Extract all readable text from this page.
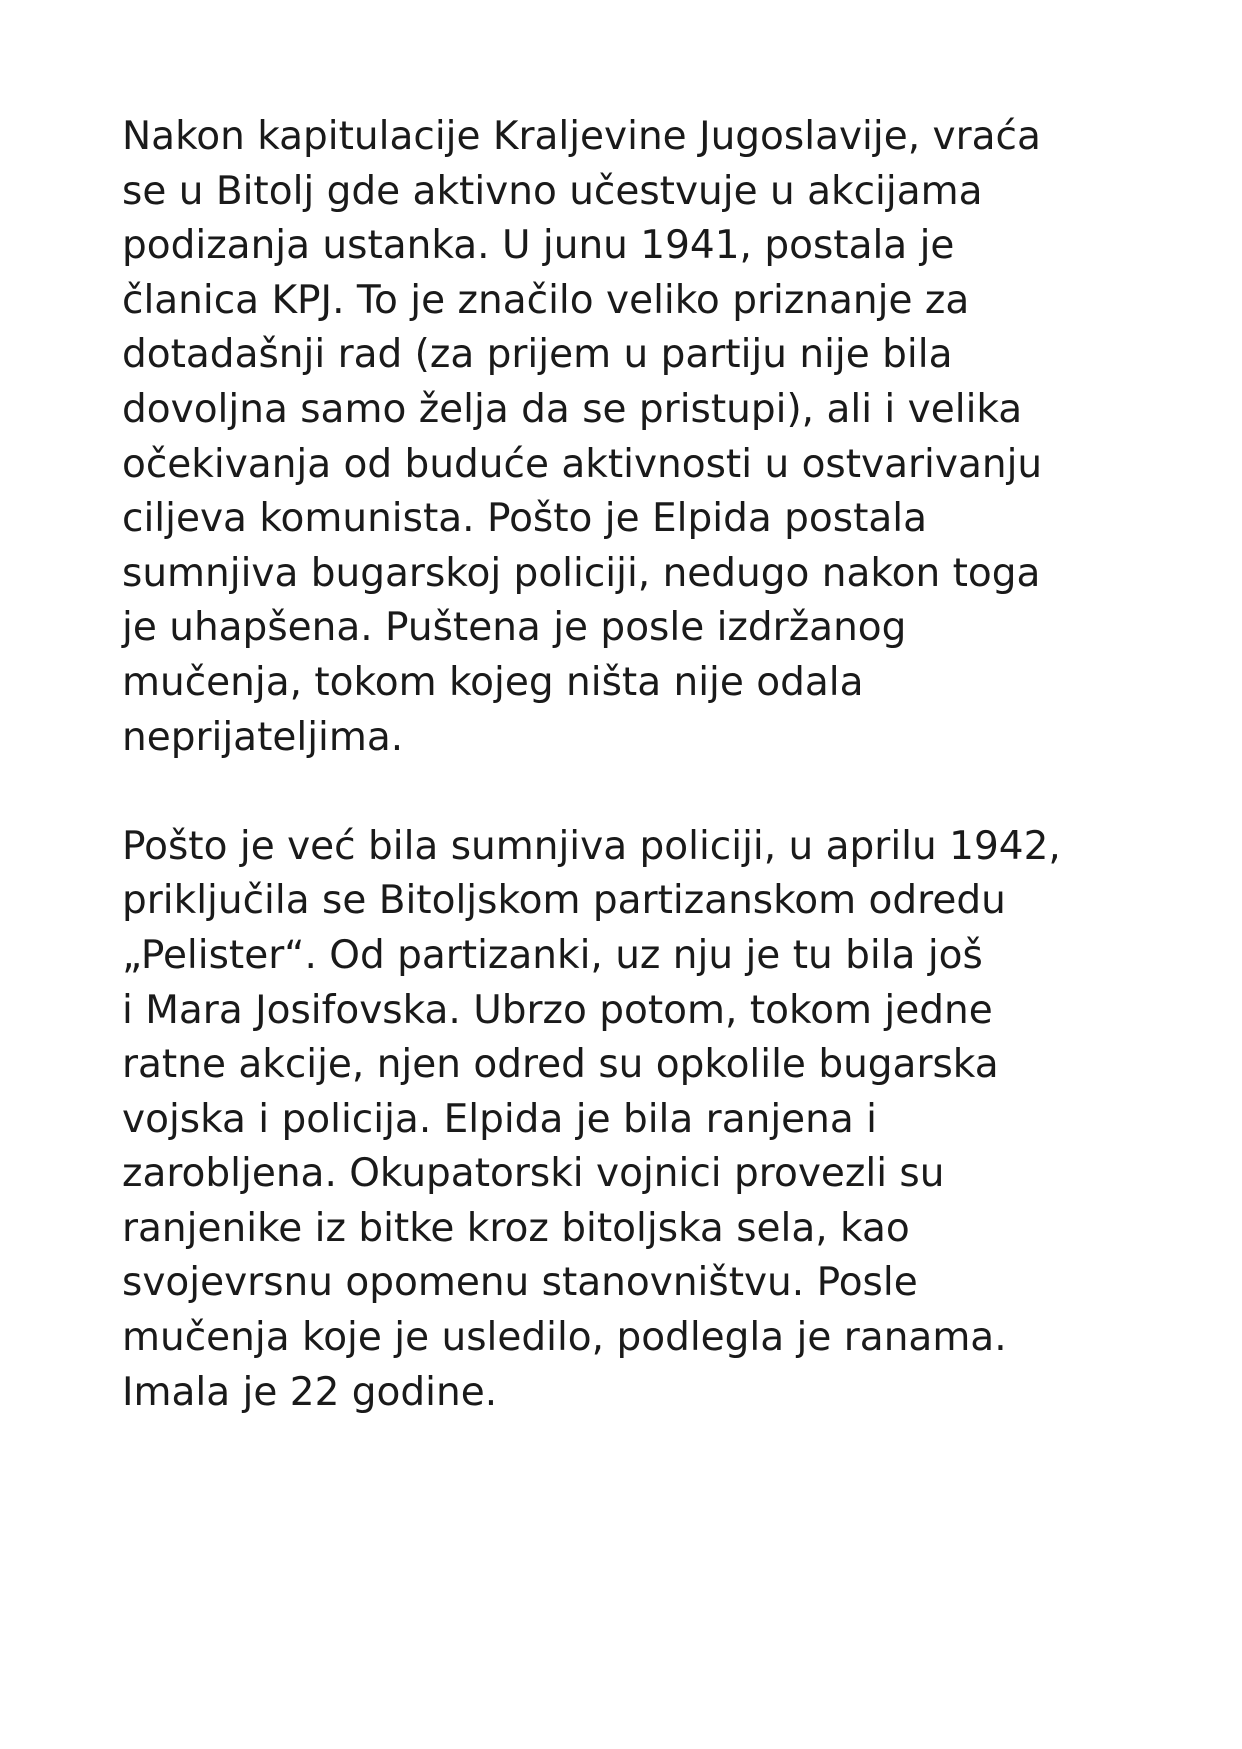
Nakon kapitulacije Kraljevine Jugoslavije, vraća
se u Bitolj gde aktivno učestvuje u akcijama
podizanja ustanka. U junu 1941, postala je
članica KPJ. To je značilo veliko priznanje za
dotadašnji rad (za prijem u partiju nije bila
dovoljna samo želja da se pristupi), ali i velika
očekivanja od buduće aktivnosti u ostvarivanju
ciljeva komunista. Pošto je Elpida postala
sumnjiva bugarskoj policiji, nedugo nakon toga
je uhapšena. Puštena je posle izdržanog
mučenja, tokom kojeg ništa nije odala
neprijateljima.

Pošto je već bila sumnjiva policiji, u aprilu 1942,
priključila se Bitoljskom partizanskom odredu
„Pelister“. Od partizanki, uz nju je tu bila još
i Mara Josifovska. Ubrzo potom, tokom jedne
ratne akcije, njen odred su opkolile bugarska
vojska i policija. Elpida je bila ranjena i
zarobljena. Okupatorski vojnici provezli su
ranjenike iz bitke kroz bitoljska sela, kao
svojevrsnu opomenu stanovništvu. Posle
mučenja koje je usledilo, podlegla je ranama.
Imala je 22 godine.
